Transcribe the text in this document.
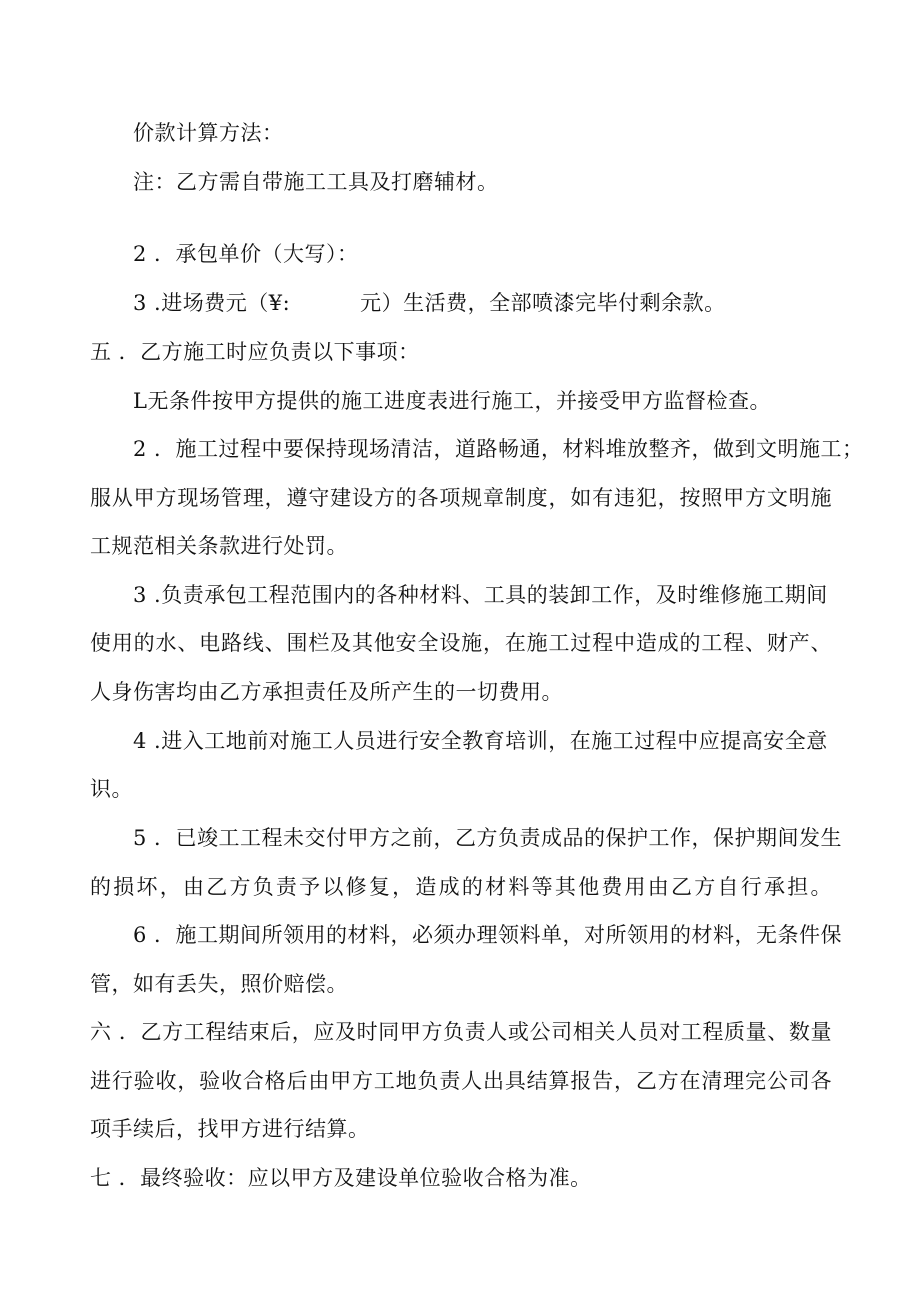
价款计算方法：
注：乙方需自带施工工具及打磨辅材。
2 ．承包单价（大写）：
3 .进场费元（¥:	元）生活费，全部喷漆完毕付剩余款。
五 ．乙方施工时应负责以下事项：
L无条件按甲方提供的施工进度表进行施工，并接受甲方监督检查。
2 ．施工过程中要保持现场清洁，道路畅通，材料堆放整齐，做到文明施工；
服从甲方现场管理，遵守建设方的各项规章制度，如有违犯，按照甲方文明施
工规范相关条款进行处罚。
3 .负责承包工程范围内的各种材料、工具的装卸工作，及时维修施工期间
使用的水、电路线、围栏及其他安全设施，在施工过程中造成的工程、财产、
人身伤害均由乙方承担责任及所产生的一切费用。
4 .进入工地前对施工人员进行安全教育培训，在施工过程中应提高安全意
识。
5 ．已竣工工程未交付甲方之前，乙方负责成品的保护工作，保护期间发生
的损坏，由乙方负责予以修复，造成的材料等其他费用由乙方自行承担。
6 ．施工期间所领用的材料，必须办理领料单，对所领用的材料，无条件保
管，如有丢失，照价赔偿。
六 ．乙方工程结束后，应及时同甲方负责人或公司相关人员对工程质量、数量
进行验收，验收合格后由甲方工地负责人出具结算报告，乙方在清理完公司各
项手续后，找甲方进行结算。
七 ．最终验收：应以甲方及建设单位验收合格为准。
